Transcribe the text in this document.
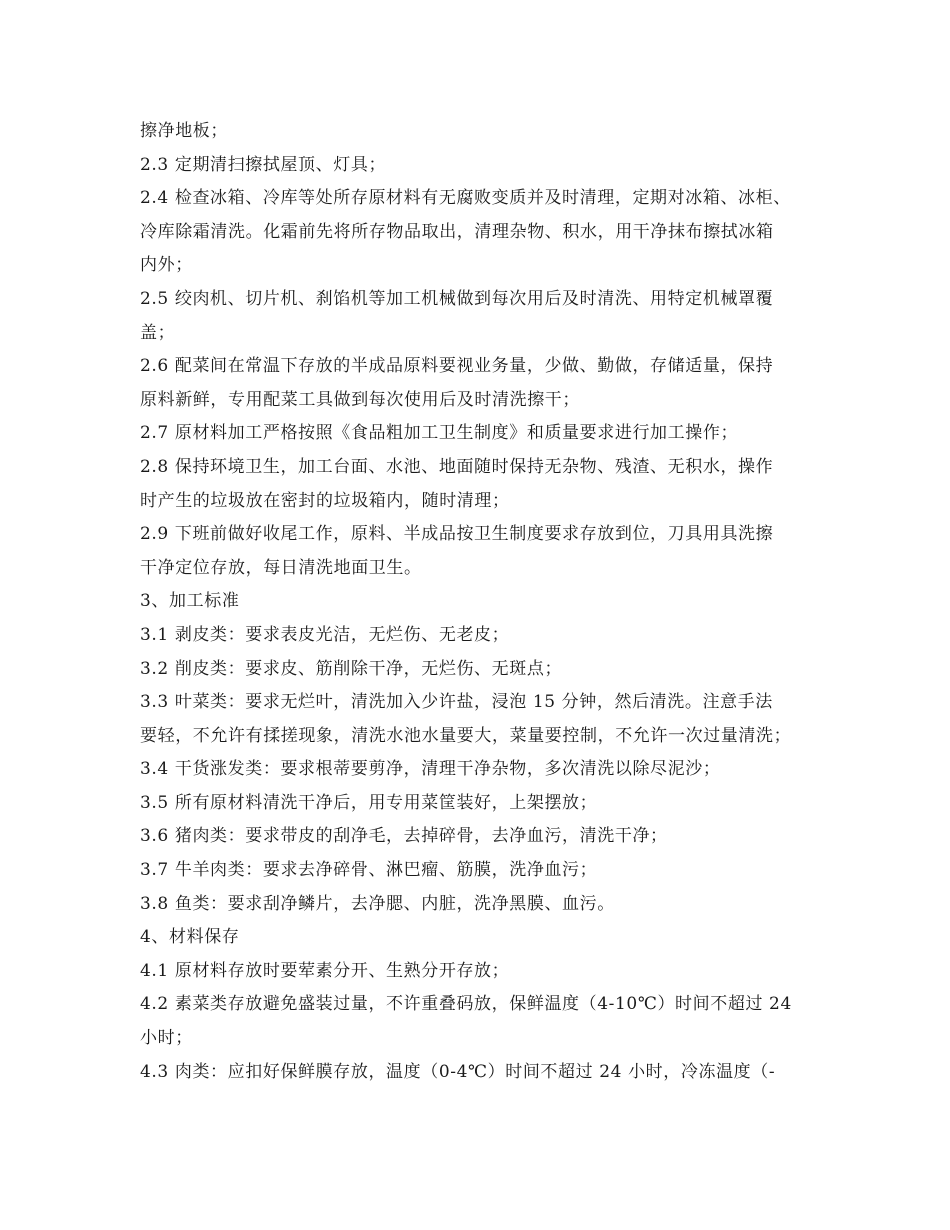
擦净地板；
2.3 定期清扫擦拭屋顶、灯具；
2.4 检查冰箱、冷库等处所存原材料有无腐败变质并及时清理，定期对冰箱、冰柜、
冷库除霜清洗。化霜前先将所存物品取出，清理杂物、积水，用干净抹布擦拭冰箱
内外；
2.5 绞肉机、切片机、刹馅机等加工机械做到每次用后及时清洗、用特定机械罩覆
盖；
2.6 配菜间在常温下存放的半成品原料要视业务量，少做、勤做，存储适量，保持
原料新鲜，专用配菜工具做到每次使用后及时清洗擦干；
2.7 原材料加工严格按照《食品粗加工卫生制度》和质量要求进行加工操作；
2.8 保持环境卫生，加工台面、水池、地面随时保持无杂物、残渣、无积水，操作
时产生的垃圾放在密封的垃圾箱内，随时清理；
2.9 下班前做好收尾工作，原料、半成品按卫生制度要求存放到位，刀具用具洗擦
干净定位存放，每日清洗地面卫生。
3、加工标准
3.1 剥皮类：要求表皮光洁，无烂伤、无老皮；
3.2 削皮类：要求皮、筋削除干净，无烂伤、无斑点；
3.3 叶菜类：要求无烂叶，清洗加入少许盐，浸泡 15 分钟，然后清洗。注意手法
要轻，不允许有揉搓现象，清洗水池水量要大，菜量要控制，不允许一次过量清洗；
3.4 干货涨发类：要求根蒂要剪净，清理干净杂物，多次清洗以除尽泥沙；
3.5 所有原材料清洗干净后，用专用菜筐装好，上架摆放；
3.6 猪肉类：要求带皮的刮净毛，去掉碎骨，去净血污，清洗干净；
3.7 牛羊肉类：要求去净碎骨、淋巴瘤、筋膜，洗净血污；
3.8 鱼类：要求刮净鳞片，去净腮、内脏，洗净黑膜、血污。
4、材料保存
4.1 原材料存放时要荤素分开、生熟分开存放；
4.2 素菜类存放避免盛装过量，不许重叠码放，保鲜温度（4-10℃）时间不超过 24
小时；
4.3 肉类：应扣好保鲜膜存放，温度（0-4℃）时间不超过 24 小时，冷冻温度（-
